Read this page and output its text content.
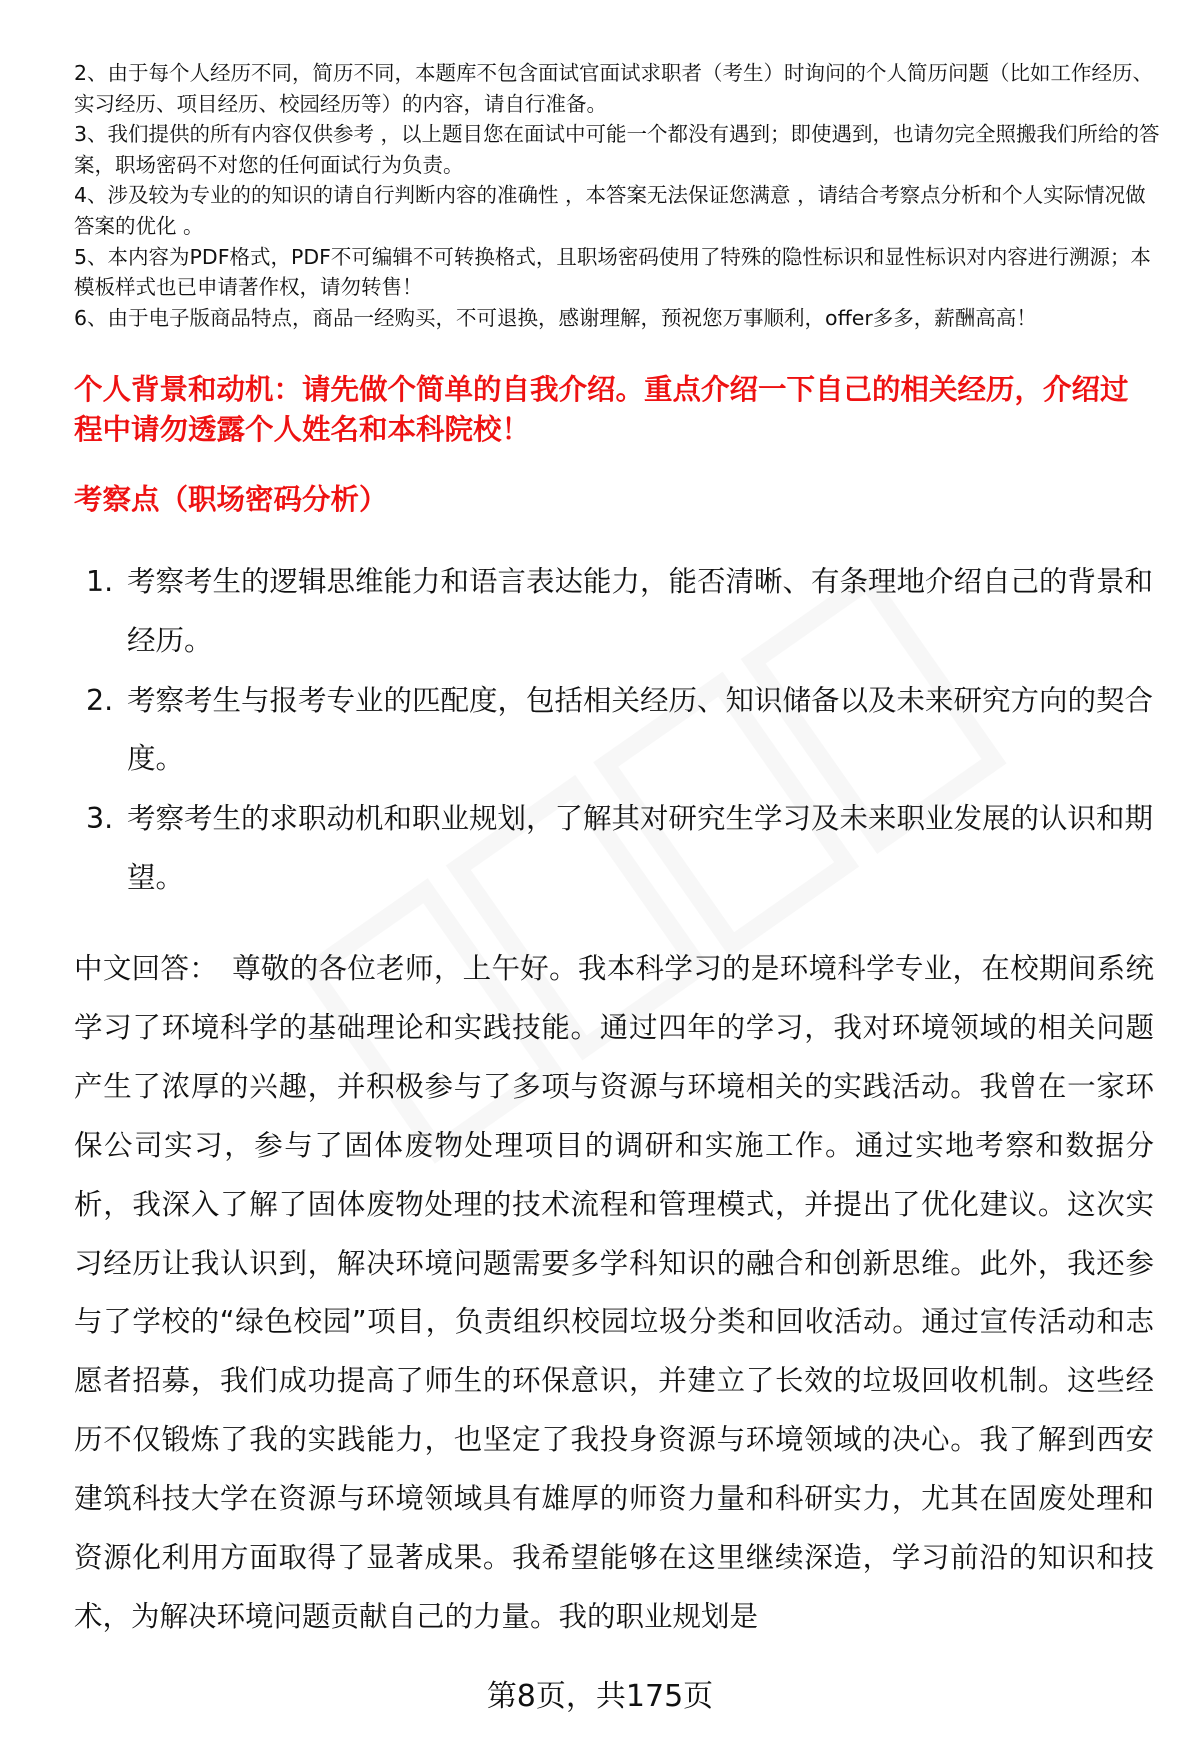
2、由于每个人经历不同，简历不同，本题库不包含面试官面试求职者（考生）时询问的个人简历问题（比如工作经历、实习经历、项目经历、校园经历等）的内容，请自行准备。

3、我们提供的所有内容仅供参考 ，以上题目您在面试中可能一个都没有遇到；即使遇到，也请勿完全照搬我们所给的答案，职场密码不对您的任何面试行为负责。

4、涉及较为专业的的知识的请自行判断内容的准确性 ，本答案无法保证您满意 ，请结合考察点分析和个人实际情况做答案的优化 。

5、本内容为PDF格式，PDF不可编辑不可转换格式，且职场密码使用了特殊的隐性标识和显性标识对内容进行溯源；本模板样式也已申请著作权，请勿转售！

6、由于电子版商品特点，商品一经购买，不可退换，感谢理解，预祝您万事顺利，offer多多，薪酬高高！

个人背景和动机：请先做个简单的自我介绍。重点介绍一下自己的相关经历，介绍过程中请勿透露个人姓名和本科院校！
考察点（职场密码分析）
1. 考察考生的逻辑思维能力和语言表达能力，能否清晰、有条理地介绍自己的背景和经历。
2. 考察考生与报考专业的匹配度，包括相关经历、知识储备以及未来研究方向的契合度。
3. 考察考生的求职动机和职业规划，了解其对研究生学习及未来职业发展的认识和期望。

中文回答： 尊敬的各位老师，上午好。我本科学习的是环境科学专业，在校期间系统学习了环境科学的基础理论和实践技能。通过四年的学习，我对环境领域的相关问题产生了浓厚的兴趣，并积极参与了多项与资源与环境相关的实践活动。我曾在一家环保公司实习，参与了固体废物处理项目的调研和实施工作。通过实地考察和数据分析，我深入了解了固体废物处理的技术流程和管理模式，并提出了优化建议。这次实习经历让我认识到，解决环境问题需要多学科知识的融合和创新思维。此外，我还参与了学校的“绿色校园”项目，负责组织校园垃圾分类和回收活动。通过宣传活动和志愿者招募，我们成功提高了师生的环保意识，并建立了长效的垃圾回收机制。这些经历不仅锻炼了我的实践能力，也坚定了我投身资源与环境领域的决心。我了解到西安建筑科技大学在资源与环境领域具有雄厚的师资力量和科研实力，尤其在固废处理和资源化利用方面取得了显著成果。我希望能够在这里继续深造，学习前沿的知识和技术，为解决环境问题贡献自己的力量。我的职业规划是

第8页，共175页
